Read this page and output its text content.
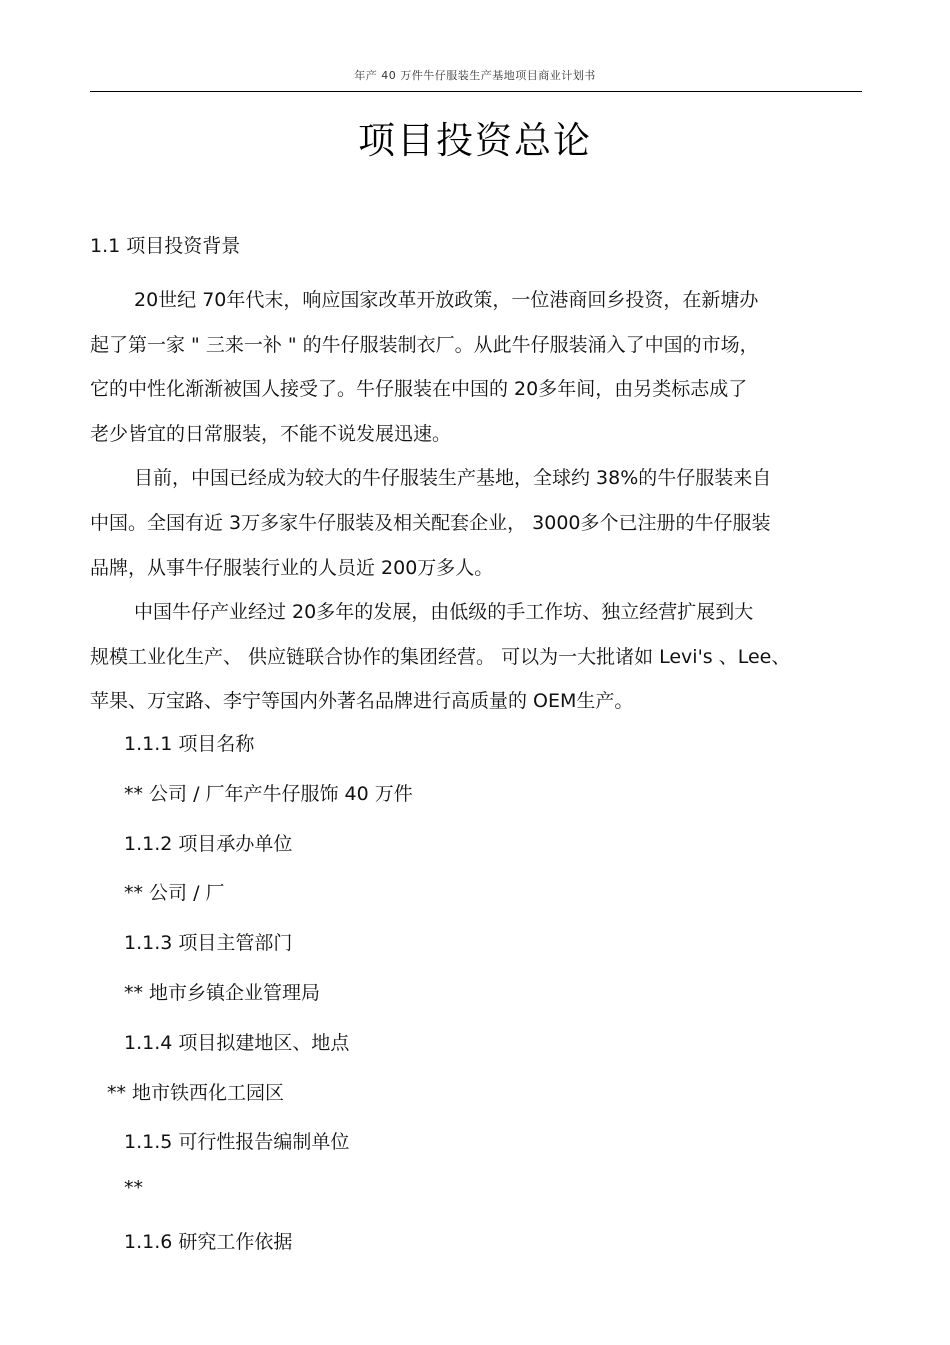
年产 40 万件牛仔服装生产基地项目商业计划书
项目投资总论
1.1 项目投资背景
20世纪 70年代末，响应国家改革开放政策，一位港商回乡投资，在新塘办
起了第一家 " 三来一补 " 的牛仔服装制衣厂。从此牛仔服装涌入了中国的市场，
它的中性化渐渐被国人接受了。牛仔服装在中国的 20多年间，由另类标志成了
老少皆宜的日常服装，不能不说发展迅速。
目前，中国已经成为较大的牛仔服装生产基地，全球约 38%的牛仔服装来自
中国。全国有近 3万多家牛仔服装及相关配套企业， 3000多个已注册的牛仔服装
品牌，从事牛仔服装行业的人员近 200万多人。
中国牛仔产业经过 20多年的发展，由低级的手工作坊、独立经营扩展到大
规模工业化生产、 供应链联合协作的集团经营。 可以为一大批诸如 Levi's 、Lee、
苹果、万宝路、李宁等国内外著名品牌进行高质量的 OEM生产。
1.1.1 项目名称
** 公司 / 厂年产牛仔服饰 40 万件
1.1.2 项目承办单位
** 公司 / 厂
1.1.3 项目主管部门
** 地市乡镇企业管理局
1.1.4 项目拟建地区、地点
** 地市铁西化工园区
1.1.5 可行性报告编制单位
**
1.1.6 研究工作依据
